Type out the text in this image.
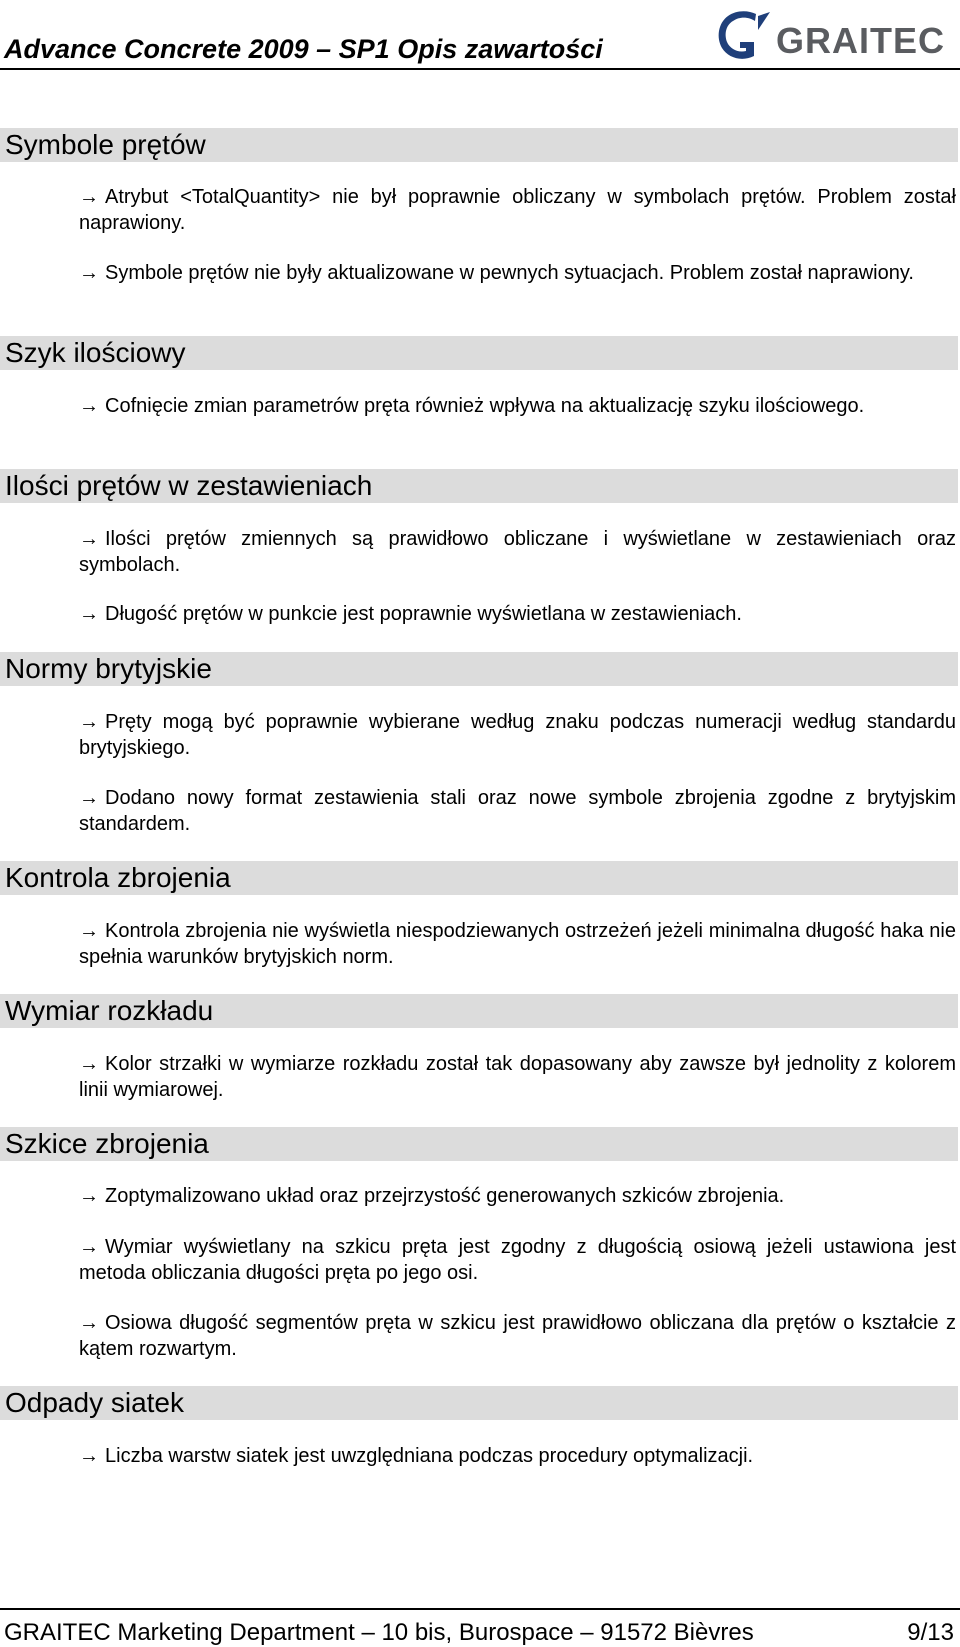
Advance Concrete 2009 – SP1 Opis zawartości	GRAITEC
Symbole prętów
→ Atrybut <TotalQuantity> nie był poprawnie obliczany w symbolach prętów. Problem został naprawiony.
→ Symbole prętów nie były aktualizowane w pewnych sytuacjach. Problem został naprawiony.
Szyk ilościowy
→ Cofnięcie zmian parametrów pręta również wpływa na aktualizację szyku ilościowego.
Ilości prętów w zestawieniach
→ Ilości prętów zmiennych są prawidłowo obliczane i wyświetlane w zestawieniach oraz symbolach.
→ Długość prętów w punkcie jest poprawnie wyświetlana w zestawieniach.
Normy brytyjskie
→ Pręty mogą być poprawnie wybierane według znaku podczas numeracji według standardu brytyjskiego.
→ Dodano nowy format zestawienia stali oraz nowe symbole zbrojenia zgodne z brytyjskim standardem.
Kontrola zbrojenia
→ Kontrola zbrojenia nie wyświetla niespodziewanych ostrzeżeń jeżeli minimalna długość haka nie spełnia warunków brytyjskich norm.
Wymiar rozkładu
→ Kolor strzałki w wymiarze rozkładu został tak dopasowany aby zawsze był jednolity z kolorem linii wymiarowej.
Szkice zbrojenia
→ Zoptymalizowano układ oraz przejrzystość generowanych szkiców zbrojenia.
→ Wymiar wyświetlany na szkicu pręta jest zgodny z długością osiową jeżeli ustawiona jest metoda obliczania długości pręta po jego osi.
→ Osiowa długość segmentów pręta w szkicu jest prawidłowo obliczana dla prętów o kształcie z kątem rozwartym.
Odpady siatek
→ Liczba warstw siatek jest uwzględniana podczas procedury optymalizacji.
GRAITEC Marketing Department – 10 bis, Burospace – 91572 Bièvres	9/13
